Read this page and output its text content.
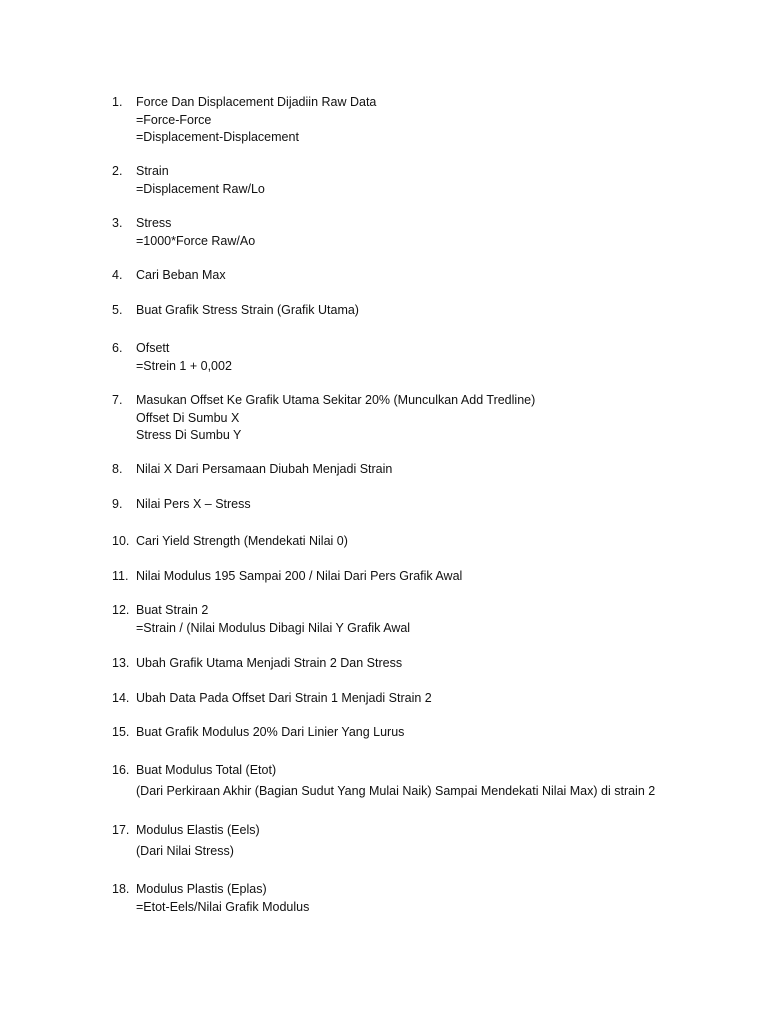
1.	Force Dan Displacement Dijadiin Raw Data
=Force-Force
=Displacement-Displacement
2.	Strain
=Displacement Raw/Lo
3.	Stress
=1000*Force Raw/Ao
4.	Cari Beban Max
5.	Buat Grafik Stress Strain (Grafik Utama)
6.	Ofsett
=Strein 1 + 0,002
7.	Masukan Offset Ke Grafik Utama Sekitar 20% (Munculkan Add Tredline)
Offset Di Sumbu X
Stress Di Sumbu Y
8.	Nilai X Dari Persamaan Diubah Menjadi Strain
9.	Nilai Pers X – Stress
10. Cari Yield Strength (Mendekati Nilai 0)
11. Nilai Modulus 195 Sampai 200 / Nilai Dari Pers Grafik Awal
12. Buat Strain 2
=Strain / (Nilai Modulus Dibagi Nilai Y Grafik Awal
13. Ubah Grafik Utama Menjadi Strain 2 Dan Stress
14. Ubah Data Pada Offset Dari Strain 1 Menjadi Strain 2
15. Buat Grafik Modulus 20% Dari Linier Yang Lurus
16. Buat Modulus Total (Etot)
(Dari Perkiraan Akhir (Bagian Sudut Yang Mulai Naik) Sampai Mendekati Nilai Max) di strain 2
17. Modulus Elastis (Eels)
(Dari Nilai Stress)
18. Modulus Plastis (Eplas)
=Etot-Eels/Nilai Grafik Modulus
